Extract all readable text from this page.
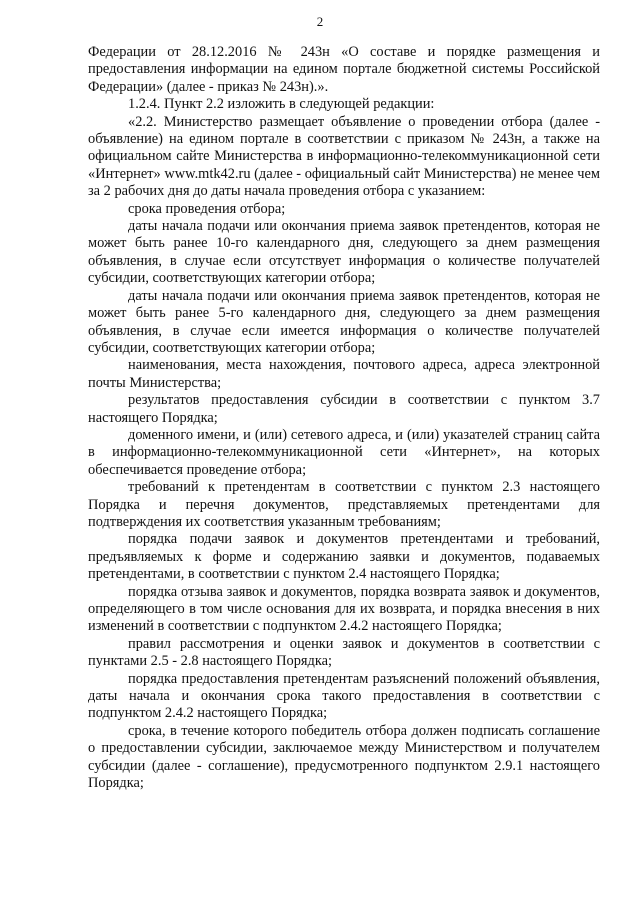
2

Федерации от 28.12.2016 № 243н «О составе и порядке размещения и предоставления информации на едином портале бюджетной системы Российской Федерации» (далее - приказ № 243н).».

1.2.4. Пункт 2.2 изложить в следующей редакции:

«2.2. Министерство размещает объявление о проведении отбора (далее - объявление) на едином портале в соответствии с приказом № 243н, а также на официальном сайте Министерства в информационно-телекоммуникационной сети «Интернет» www.mtk42.ru (далее - официальный сайт Министерства) не менее чем за 2 рабочих дня до даты начала проведения отбора с указанием:

срока проведения отбора;

даты начала подачи или окончания приема заявок претендентов, которая не может быть ранее 10-го календарного дня, следующего за днем размещения объявления, в случае если отсутствует информация о количестве получателей субсидии, соответствующих категории отбора;

даты начала подачи или окончания приема заявок претендентов, которая не может быть ранее 5-го календарного дня, следующего за днем размещения объявления, в случае если имеется информация о количестве получателей субсидии, соответствующих категории отбора;

наименования, места нахождения, почтового адреса, адреса электронной почты Министерства;

результатов предоставления субсидии в соответствии с пунктом 3.7 настоящего Порядка;

доменного имени, и (или) сетевого адреса, и (или) указателей страниц сайта в информационно-телекоммуникационной сети «Интернет», на которых обеспечивается проведение отбора;

требований к претендентам в соответствии с пунктом 2.3 настоящего Порядка и перечня документов, представляемых претендентами для подтверждения их соответствия указанным требованиям;

порядка подачи заявок и документов претендентами и требований, предъявляемых к форме и содержанию заявки и документов, подаваемых претендентами, в соответствии с пунктом 2.4 настоящего Порядка;

порядка отзыва заявок и документов, порядка возврата заявок и документов, определяющего в том числе основания для их возврата, и порядка внесения в них изменений в соответствии с подпунктом 2.4.2 настоящего Порядка;

правил рассмотрения и оценки заявок и документов в соответствии с пунктами 2.5 - 2.8 настоящего Порядка;

порядка предоставления претендентам разъяснений положений объявления, даты начала и окончания срока такого предоставления в соответствии с подпунктом 2.4.2 настоящего Порядка;

срока, в течение которого победитель отбора должен подписать соглашение о предоставлении субсидии, заключаемое между Министерством и получателем субсидии (далее - соглашение), предусмотренного подпунктом 2.9.1 настоящего Порядка;
